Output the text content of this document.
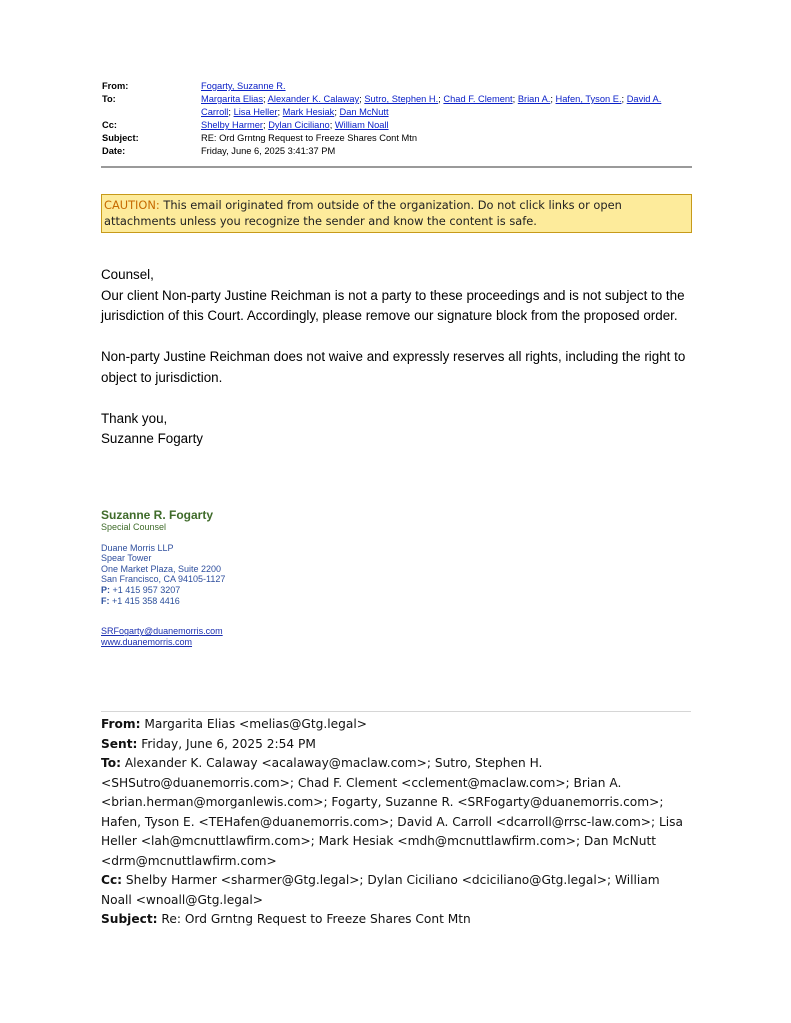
From:	Fogarty, Suzanne R.
To:	Margarita Elias; Alexander K. Calaway; Sutro, Stephen H.; Chad F. Clement; Brian A.; Hafen, Tyson E.; David A. Carroll; Lisa Heller; Mark Hesiak; Dan McNutt
Cc:	Shelby Harmer; Dylan Ciciliano; William Noall
Subject:	RE: Ord Grntng Request to Freeze Shares Cont Mtn
Date:	Friday, June 6, 2025 3:41:37 PM
CAUTION: This email originated from outside of the organization. Do not click links or open attachments unless you recognize the sender and know the content is safe.

Counsel,

Our client Non-party Justine Reichman is not a party to these proceedings and is not subject to the jurisdiction of this Court. Accordingly, please remove our signature block from the proposed order.

Non-party Justine Reichman does not waive and expressly reserves all rights, including the right to object to jurisdiction.

Thank you,

Suzanne Fogarty

Suzanne R. Fogarty
Special Counsel
Duane Morris LLP
Spear Tower
One Market Plaza, Suite 2200
San Francisco, CA 94105-1127
P: +1 415 957 3207
F: +1 415 358 4416
SRFogarty@duanemorris.com
www.duanemorris.com
From: Margarita Elias <melias@Gtg.legal>
Sent: Friday, June 6, 2025 2:54 PM
To: Alexander K. Calaway <acalaway@maclaw.com>; Sutro, Stephen H. <SHSutro@duanemorris.com>; Chad F. Clement <cclement@maclaw.com>; Brian A. <brian.herman@morganlewis.com>; Fogarty, Suzanne R. <SRFogarty@duanemorris.com>; Hafen, Tyson E. <TEHafen@duanemorris.com>; David A. Carroll <dcarroll@rrsc-law.com>; Lisa Heller <lah@mcnuttlawfirm.com>; Mark Hesiak <mdh@mcnuttlawfirm.com>; Dan McNutt <drm@mcnuttlawfirm.com>
Cc: Shelby Harmer <sharmer@Gtg.legal>; Dylan Ciciliano <dciciliano@Gtg.legal>; William Noall <wnoall@Gtg.legal>
Subject: Re: Ord Grntng Request to Freeze Shares Cont Mtn
